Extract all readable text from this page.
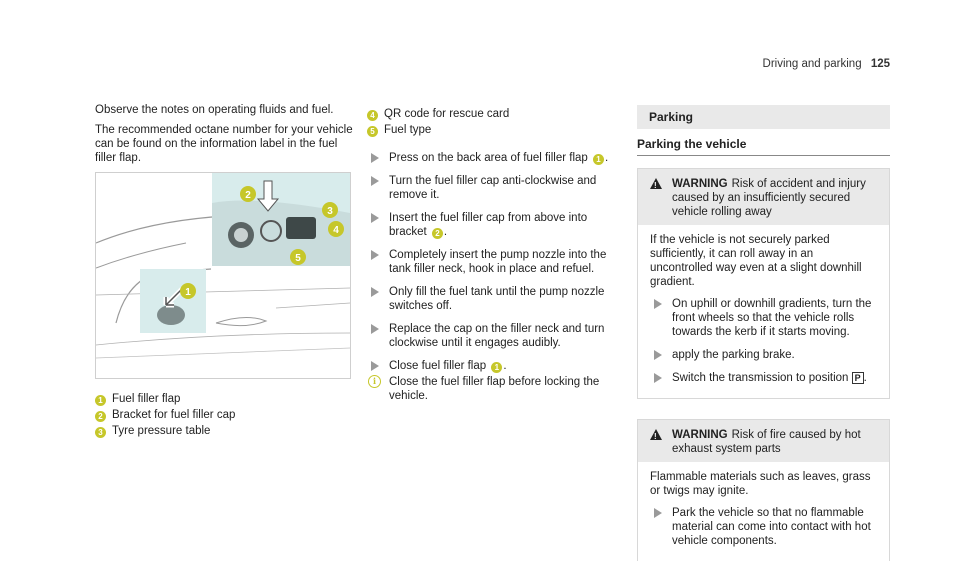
Driving and parking 125

Observe the notes on operating fluids and fuel.

The recommended octane number for your vehicle can be found on the information label in the fuel filler flap.

1
2
3
4
5
1 Fuel filler flap
2 Bracket for fuel filler cap
3 Tyre pressure table
4 QR code for rescue card
5 Fuel type
Press on the back area of fuel filler flap 1 .
Turn the fuel filler cap anti-clockwise and remove it.
Insert the fuel filler cap from above into bracket 2 .
Completely insert the pump nozzle into the tank filler neck, hook in place and refuel.
Only fill the fuel tank until the pump nozzle switches off.
Replace the cap on the filler neck and turn clockwise until it engages audibly.
Close fuel filler flap 1 .
i	Close the fuel filler flap before locking the vehicle.
Parking
Parking the vehicle
!
WARNING Risk of accident and injury caused by an insufficiently secured vehicle rolling away
If the vehicle is not securely parked sufficiently, it can roll away in an uncontrolled way even at a slight downhill gradient.
On uphill or downhill gradients, turn the front wheels so that the vehicle rolls towards the kerb if it starts moving.
apply the parking brake.
Switch the transmission to position P .
!
WARNING Risk of fire caused by hot exhaust system parts
Flammable materials such as leaves, grass or twigs may ignite.
Park the vehicle so that no flammable material can come into contact with hot vehicle components.
